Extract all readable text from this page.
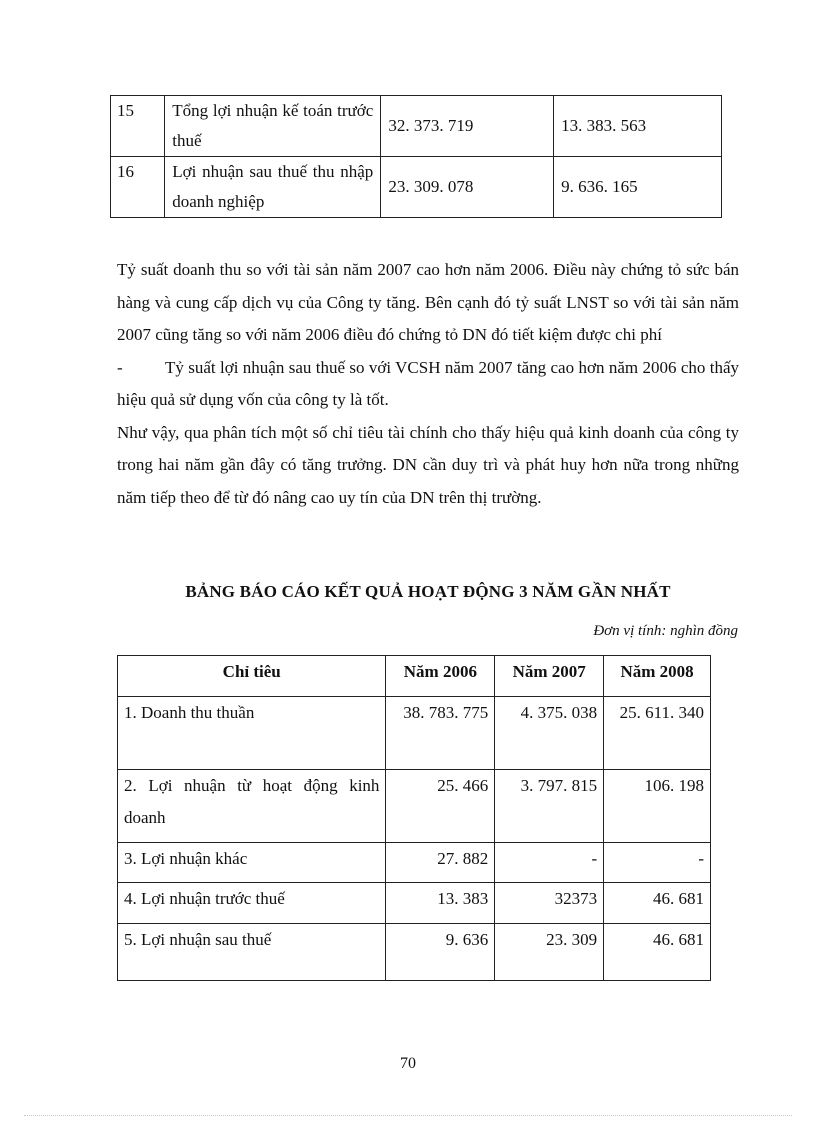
15	Tổng lợi nhuận kế toán trước thuế	32. 373. 719	13. 383. 563
16	Lợi nhuận sau thuế thu nhập doanh nghiệp	23. 309. 078	9. 636. 165

Tỷ suất doanh thu so với tài sản năm 2007 cao hơn năm 2006. Điều này chứng tỏ sức bán hàng và cung cấp dịch vụ của Công ty tăng. Bên cạnh đó tỷ suất LNST so với tài sản năm 2007 cũng tăng so với năm 2006 điều đó chứng tỏ DN đó tiết kiệm được chi phí

-	Tỷ suất lợi nhuận sau thuế so với VCSH năm 2007 tăng cao hơn năm 2006 cho thấy

hiệu quả sử dụng vốn của công ty là tốt.

Như vậy, qua phân tích một số chỉ tiêu tài chính cho thấy hiệu quả kinh doanh của công ty trong hai năm gần đây có tăng trưởng. DN cần duy trì và phát huy hơn nữa trong những năm tiếp theo để từ đó nâng cao uy tín của DN trên thị trường.

BẢNG BÁO CÁO KẾT QUẢ HOẠT ĐỘNG 3 NĂM GẦN NHẤT
Đơn vị tính: nghìn đồng
Chỉ tiêu	Năm 2006	Năm 2007	Năm 2008
1. Doanh thu thuần	38. 783. 775	4. 375. 038	25. 611. 340
2. Lợi nhuận từ hoạt động kinh doanh	25. 466	3. 797. 815	106. 198
3. Lợi nhuận khác	27. 882	-	-
4. Lợi nhuận trước thuế	13. 383	32373	46. 681
5. Lợi nhuận sau thuế	9. 636	23. 309	46. 681
70
